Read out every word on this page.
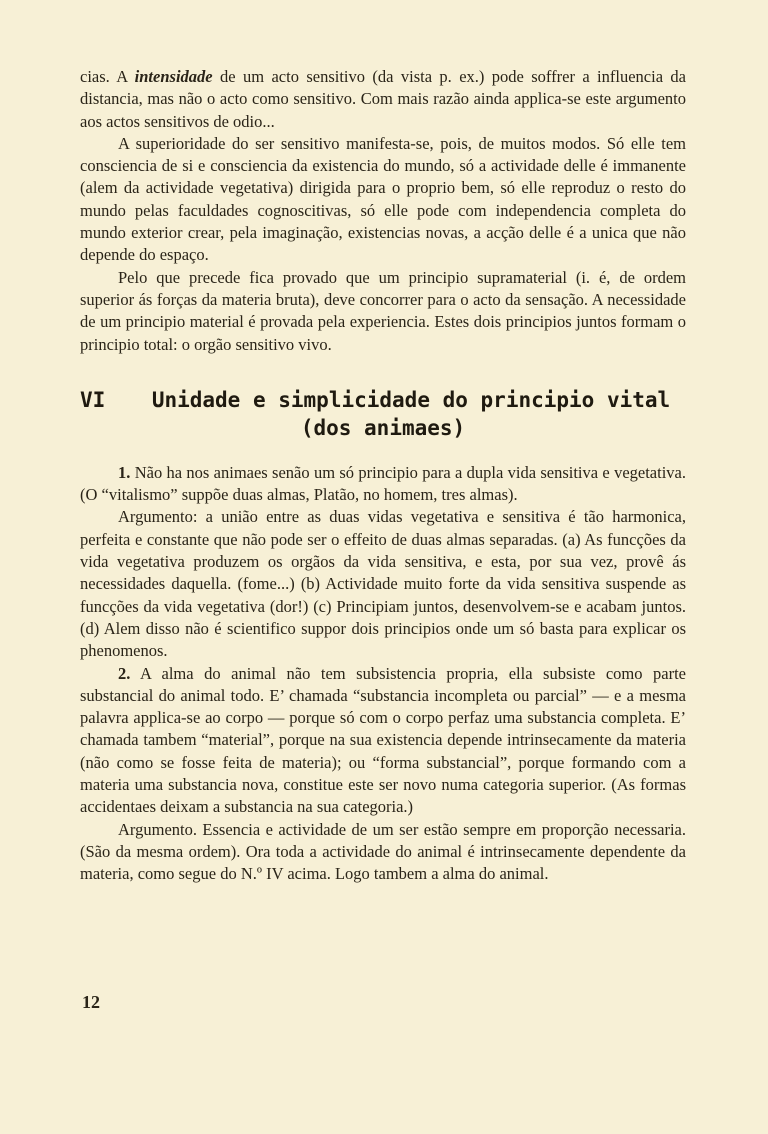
cias. A intensidade de um acto sensitivo (da vista p. ex.) pode soffrer a influencia da distancia, mas não o acto como sensitivo. Com mais razão ainda applica-se este argumento aos actos sensitivos de odio...

A superioridade do ser sensitivo manifesta-se, pois, de muitos modos. Só elle tem consciencia de si e consciencia da existencia do mundo, só a actividade delle é immanente (alem da actividade vegetativa) dirigida para o proprio bem, só elle reproduz o resto do mundo pelas faculdades cognoscitivas, só elle pode com independencia completa do mundo exterior crear, pela imaginação, existencias novas, a acção delle é a unica que não depende do espaço.

Pelo que precede fica provado que um principio supramaterial (i. é, de ordem superior ás forças da materia bruta), deve concorrer para o acto da sensação. A necessidade de um principio material é provada pela experiencia. Estes dois principios juntos formam o principio total: o orgão sensitivo vivo.

VI	Unidade e simplicidade do principio vital
(dos animaes)

1. Não ha nos animaes senão um só principio para a dupla vida sensitiva e vegetativa. (O “vitalismo” suppõe duas almas, Platão, no homem, tres almas).

Argumento: a união entre as duas vidas vegetativa e sensitiva é tão harmonica, perfeita e constante que não pode ser o effeito de duas almas separadas. (a) As funcções da vida vegetativa produzem os orgãos da vida sensitiva, e esta, por sua vez, provê ás necessidades daquella. (fome...) (b) Actividade muito forte da vida sensitiva suspende as funcções da vida vegetativa (dor!) (c) Principiam juntos, desenvolvem-se e acabam juntos. (d) Alem disso não é scientifico suppor dois principios onde um só basta para explicar os phenomenos.

2. A alma do animal não tem subsistencia propria, ella subsiste como parte substancial do animal todo. E’ chamada “substancia incompleta ou parcial” — e a mesma palavra applica-se ao corpo — porque só com o corpo perfaz uma substancia completa. E’ chamada tambem “material”, porque na sua existencia depende intrinsecamente da materia (não como se fosse feita de materia); ou “forma substancial”, porque formando com a materia uma substancia nova, constitue este ser novo numa categoria superior. (As formas accidentaes deixam a substancia na sua categoria.)

Argumento. Essencia e actividade de um ser estão sempre em proporção necessaria. (São da mesma ordem). Ora toda a actividade do animal é intrinsecamente dependente da materia, como segue do N.º IV acima. Logo tambem a alma do animal.

12
